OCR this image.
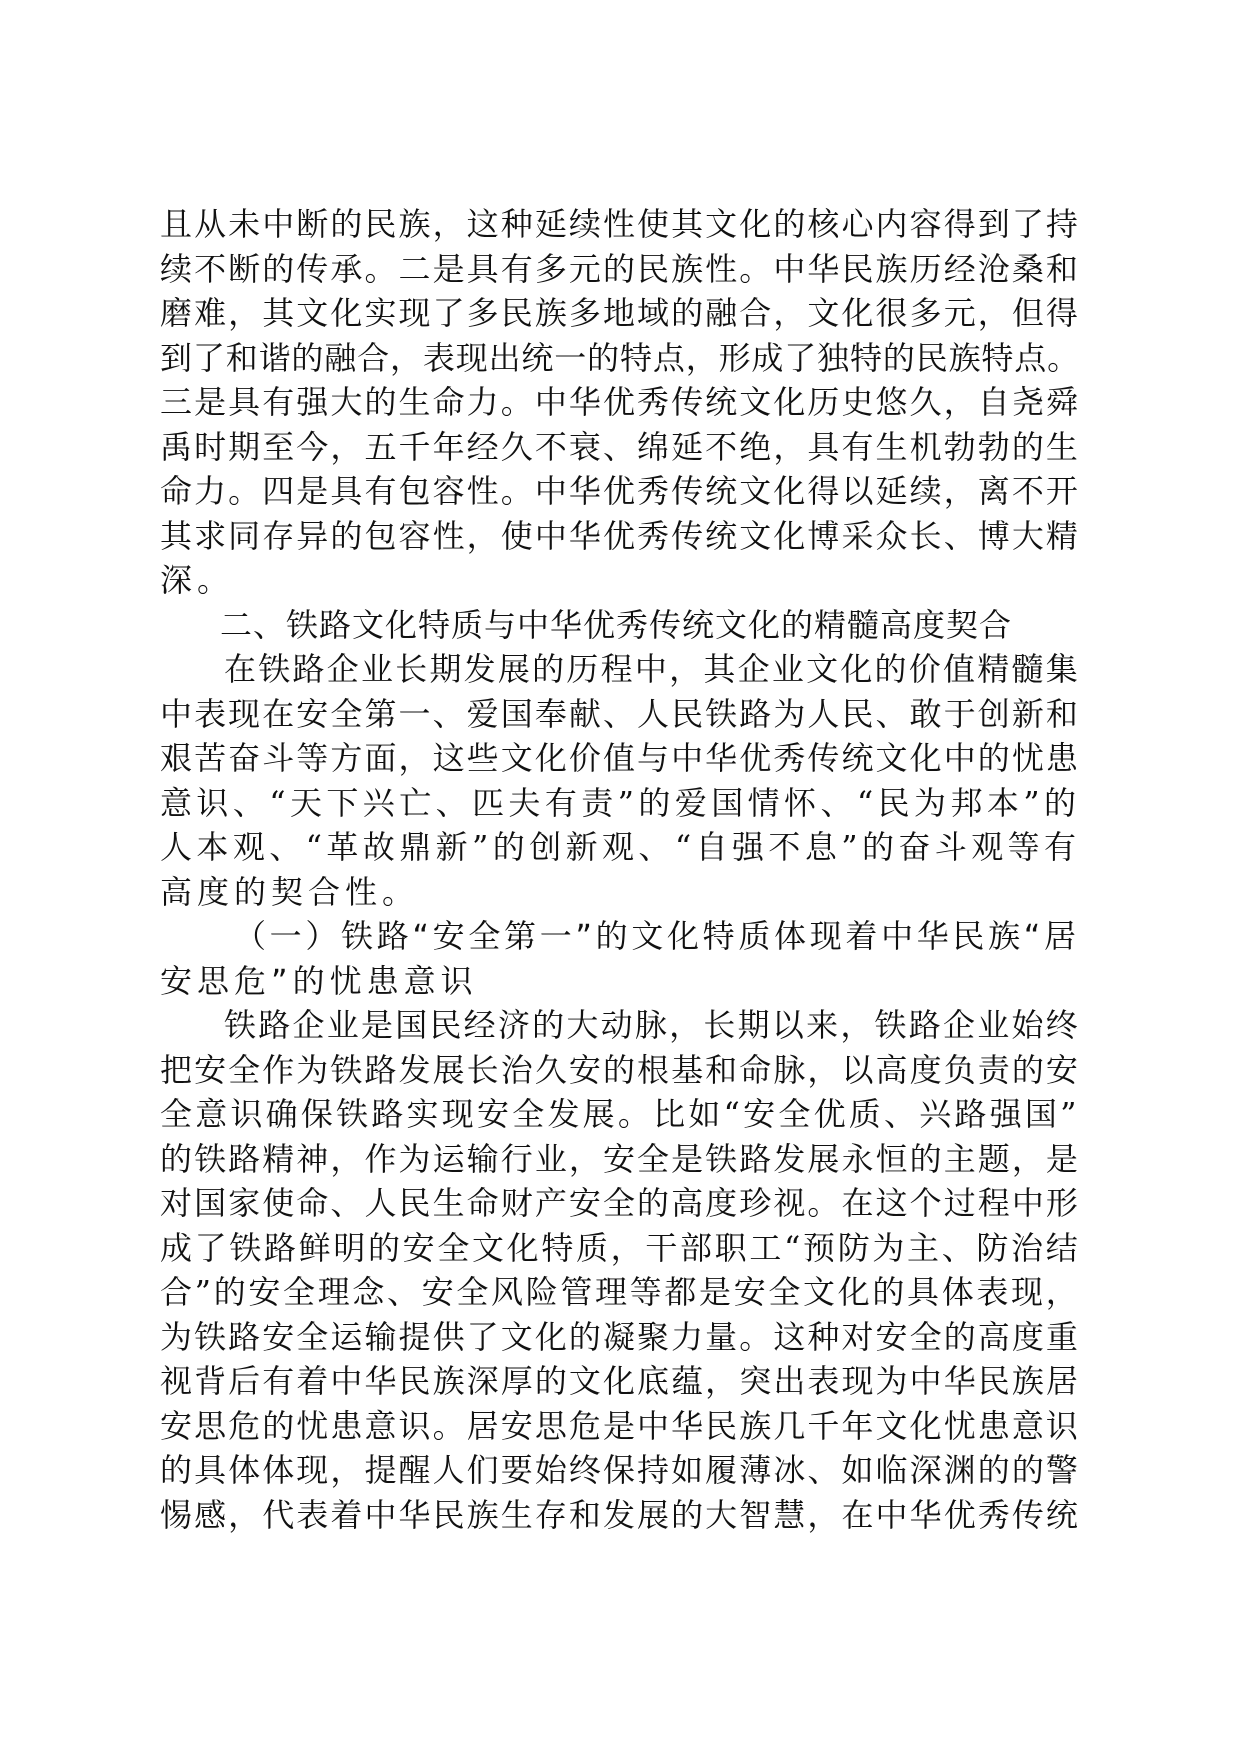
且从未中断的民族，这种延续性使其文化的核心内容得到了持
续不断的传承。二是具有多元的民族性。中华民族历经沧桑和
磨难，其文化实现了多民族多地域的融合，文化很多元，但得
到了和谐的融合，表现出统一的特点，形成了独特的民族特点。
三是具有强大的生命力。中华优秀传统文化历史悠久，自尧舜
禹时期至今，五千年经久不衰、绵延不绝，具有生机勃勃的生
命力。四是具有包容性。中华优秀传统文化得以延续，离不开
其求同存异的包容性，使中华优秀传统文化博采众长、博大精
深。
二、铁路文化特质与中华优秀传统文化的精髓高度契合
在铁路企业长期发展的历程中，其企业文化的价值精髓集
中表现在安全第一、爱国奉献、人民铁路为人民、敢于创新和
艰苦奋斗等方面，这些文化价值与中华优秀传统文化中的忧患
意识、“天下兴亡、匹夫有责”的爱国情怀、“民为邦本”的
人本观、“革故鼎新”的创新观、“自强不息”的奋斗观等有
高度的契合性。
（一）铁路“安全第一”的文化特质体现着中华民族“居
安思危”的忧患意识
铁路企业是国民经济的大动脉，长期以来，铁路企业始终
把安全作为铁路发展长治久安的根基和命脉，以高度负责的安
全意识确保铁路实现安全发展。比如“安全优质、兴路强国”
的铁路精神，作为运输行业，安全是铁路发展永恒的主题，是
对国家使命、人民生命财产安全的高度珍视。在这个过程中形
成了铁路鲜明的安全文化特质，干部职工“预防为主、防治结
合”的安全理念、安全风险管理等都是安全文化的具体表现，
为铁路安全运输提供了文化的凝聚力量。这种对安全的高度重
视背后有着中华民族深厚的文化底蕴，突出表现为中华民族居
安思危的忧患意识。居安思危是中华民族几千年文化忧患意识
的具体体现，提醒人们要始终保持如履薄冰、如临深渊的的警
惕感，代表着中华民族生存和发展的大智慧，在中华优秀传统
